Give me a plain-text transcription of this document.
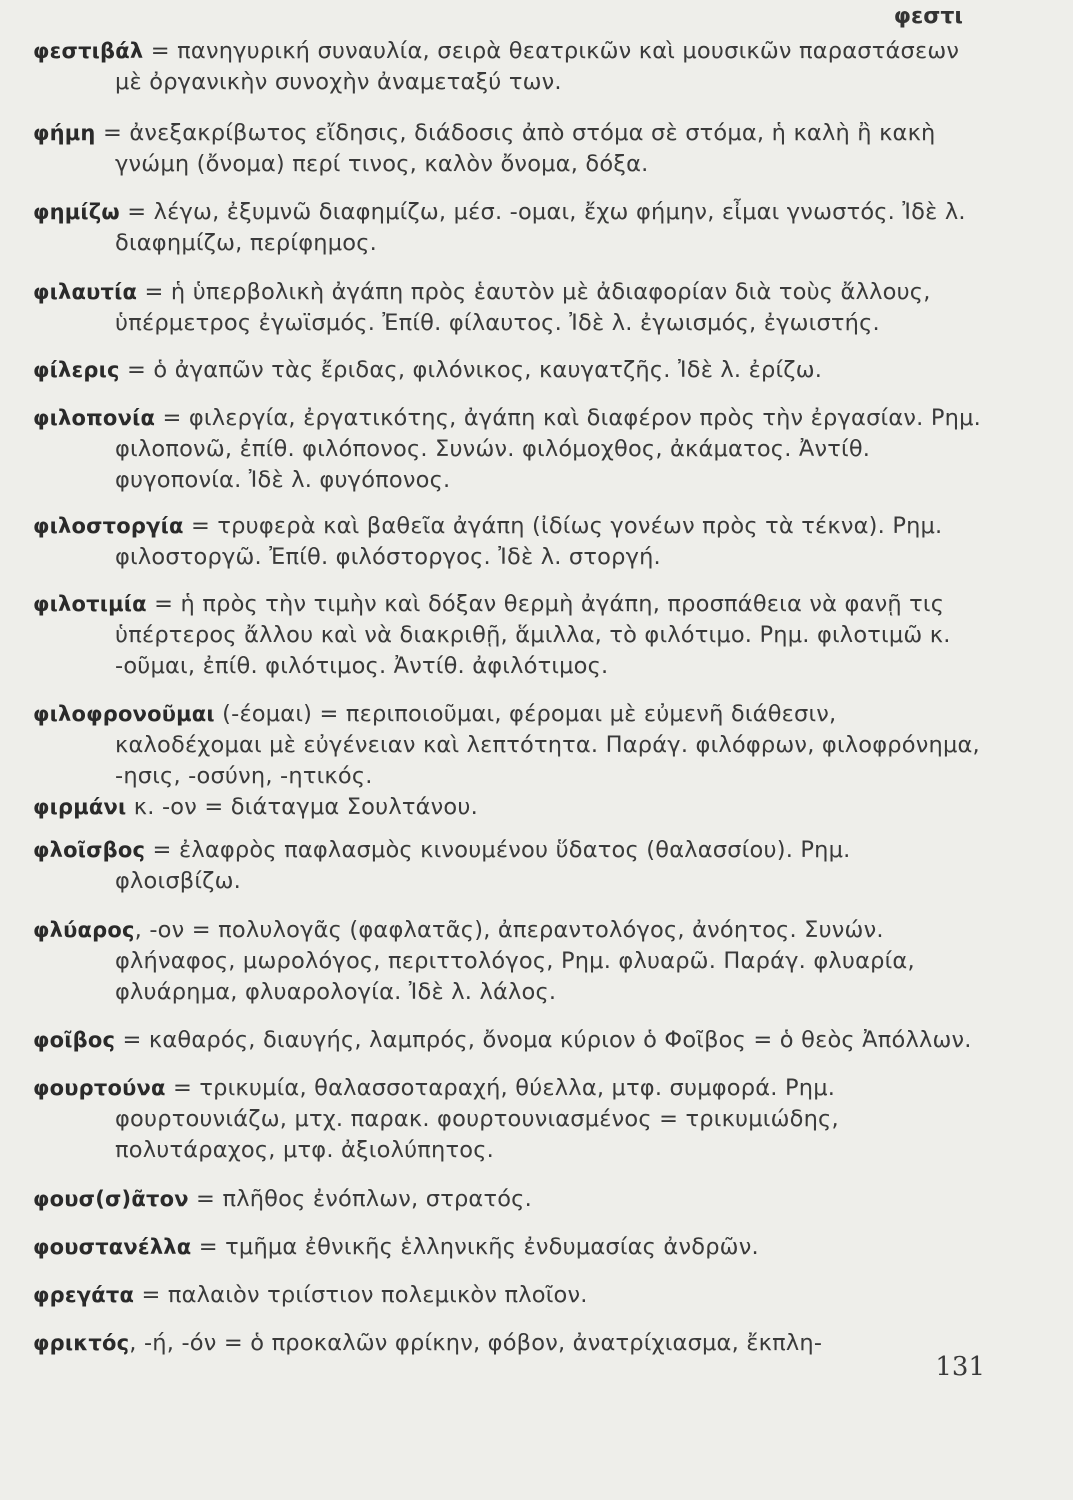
φεστι

φεστιβάλ = πανηγυρική συναυλία, σειρὰ θεατρικῶν καὶ μουσικῶν παραστάσεων μὲ ὀργανικὴν συνοχὴν ἀναμεταξύ των.

φήμη = ἀνεξακρίβωτος εἴδησις, διάδοσις ἀπὸ στόμα σὲ στόμα, ἡ καλὴ ἢ κακὴ γνώμη (ὄνομα) περί τινος, καλὸν ὄνομα, δόξα.

φημίζω = λέγω, ἐξυμνῶ διαφημίζω, μέσ. -ομαι, ἔχω φήμην, εἶμαι γνωστός. Ἰδὲ λ. διαφημίζω, περίφημος.

φιλαυτία = ἡ ὑπερβολικὴ ἀγάπη πρὸς ἑαυτὸν μὲ ἀδιαφορίαν διὰ τοὺς ἄλλους, ὑπέρμετρος ἐγωϊσμός. Ἐπίθ. φίλαυτος. Ἰδὲ λ. ἐγωισμός, ἐγωιστής.

φίλερις = ὁ ἀγαπῶν τὰς ἔριδας, φιλόνικος, καυγατζῆς. Ἰδὲ λ. ἐρίζω.

φιλοπονία = φιλεργία, ἐργατικότης, ἀγάπη καὶ διαφέρον πρὸς τὴν ἐργασίαν. Ρημ. φιλοπονῶ, ἐπίθ. φιλόπονος. Συνών. φιλόμοχθος, ἀκάματος. Ἀντίθ. φυγοπονία. Ἰδὲ λ. φυγόπονος.

φιλοστοργία = τρυφερὰ καὶ βαθεῖα ἀγάπη (ἰδίως γονέων πρὸς τὰ τέκνα). Ρημ. φιλοστοργῶ. Ἐπίθ. φιλόστοργος. Ἰδὲ λ. στοργή.

φιλοτιμία = ἡ πρὸς τὴν τιμὴν καὶ δόξαν θερμὴ ἀγάπη, προσπάθεια νὰ φανῇ τις ὑπέρτερος ἄλλου καὶ νὰ διακριθῇ, ἅμιλλα, τὸ φιλότιμο. Ρημ. φιλοτιμῶ κ. -οῦμαι, ἐπίθ. φιλότιμος. Ἀντίθ. ἀφιλότιμος.

φιλοφρονοῦμαι (-έομαι) = περιποιοῦμαι, φέρομαι μὲ εὐμενῆ διάθεσιν, καλοδέχομαι μὲ εὐγένειαν καὶ λεπτότητα. Παράγ. φιλόφρων, φιλοφρόνημα, -ησις, -οσύνη, -ητικός.

φιρμάνι κ. -ον = διάταγμα Σουλτάνου.

φλοῖσβος = ἐλαφρὸς παφλασμὸς κινουμένου ὕδατος (θαλασσίου). Ρημ. φλοισβίζω.

φλύαρος, -ον = πολυλογᾶς (φαφλατᾶς), ἀπεραντολόγος, ἀνόητος. Συνών. φλήναφος, μωρολόγος, περιττολόγος, Ρημ. φλυαρῶ. Παράγ. φλυαρία, φλυάρημα, φλυαρολογία. Ἰδὲ λ. λάλος.

φοῖβος = καθαρός, διαυγής, λαμπρός, ὄνομα κύριον ὁ Φοῖβος = ὁ θεὸς Ἀπόλλων.

φουρτούνα = τρικυμία, θαλασσοταραχή, θύελλα, μτφ. συμφορά. Ρημ. φουρτουνιάζω, μτχ. παρακ. φουρτουνιασμένος = τρικυμιώδης, πολυτάραχος, μτφ. ἀξιολύπητος.

φουσ(σ)ᾶτον = πλῆθος ἐνόπλων, στρατός.

φουστανέλλα = τμῆμα ἐθνικῆς ἑλληνικῆς ἐνδυμασίας ἀνδρῶν.

φρεγάτα = παλαιὸν τριίστιον πολεμικὸν πλοῖον.

φρικτός, -ή, -όν = ὁ προκαλῶν φρίκην, φόβον, ἀνατρίχιασμα, ἔκπλη-

131
